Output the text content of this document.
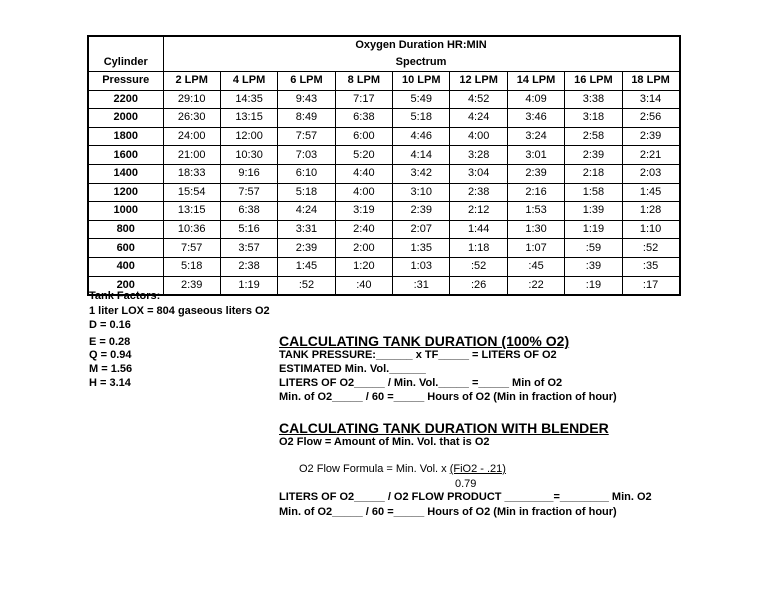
Cylinder	Oxygen Duration HR:MIN
Spectrum								

Pressure	2 LPM	4 LPM	6 LPM	8 LPM	10 LPM	12 LPM	14 LPM	16 LPM	18 LPM
2200	29:10	14:35	9:43	7:17	5:49	4:52	4:09	3:38	3:14
2000	26:30	13:15	8:49	6:38	5:18	4:24	3:46	3:18	2:56
1800	24:00	12:00	7:57	6:00	4:46	4:00	3:24	2:58	2:39
1600	21:00	10:30	7:03	5:20	4:14	3:28	3:01	2:39	2:21
1400	18:33	9:16	6:10	4:40	3:42	3:04	2:39	2:18	2:03
1200	15:54	7:57	5:18	4:00	3:10	2:38	2:16	1:58	1:45
1000	13:15	6:38	4:24	3:19	2:39	2:12	1:53	1:39	1:28
800	10:36	5:16	3:31	2:40	2:07	1:44	1:30	1:19	1:10
600	7:57	3:57	2:39	2:00	1:35	1:18	1:07	:59	:52
400	5:18	2:38	1:45	1:20	1:03	:52	:45	:39	:35
200	2:39	1:19	:52	:40	:31	:26	:22	:19	:17
Tank Factors:
1 liter LOX = 804 gaseous liters O2
D = 0.16
E = 0.28
Q = 0.94
M = 1.56
H = 3.14
CALCULATING TANK DURATION (100% O2)
TANK PRESSURE:______ x TF_____ = LITERS OF O2
ESTIMATED Min. Vol.______
LITERS OF O2_____ / Min. Vol._____ =_____ Min of O2
Min. of O2_____ / 60 =_____ Hours of O2 (Min in fraction of hour)
CALCULATING TANK DURATION WITH BLENDER
O2 Flow = Amount of Min. Vol. that is O2
O2 Flow Formula = Min. Vol. x (FiO2 - .21)
0.79
LITERS OF O2_____ / O2 FLOW PRODUCT ________=________ Min. O2
Min. of O2_____ / 60 =_____ Hours of O2 (Min in fraction of hour)
